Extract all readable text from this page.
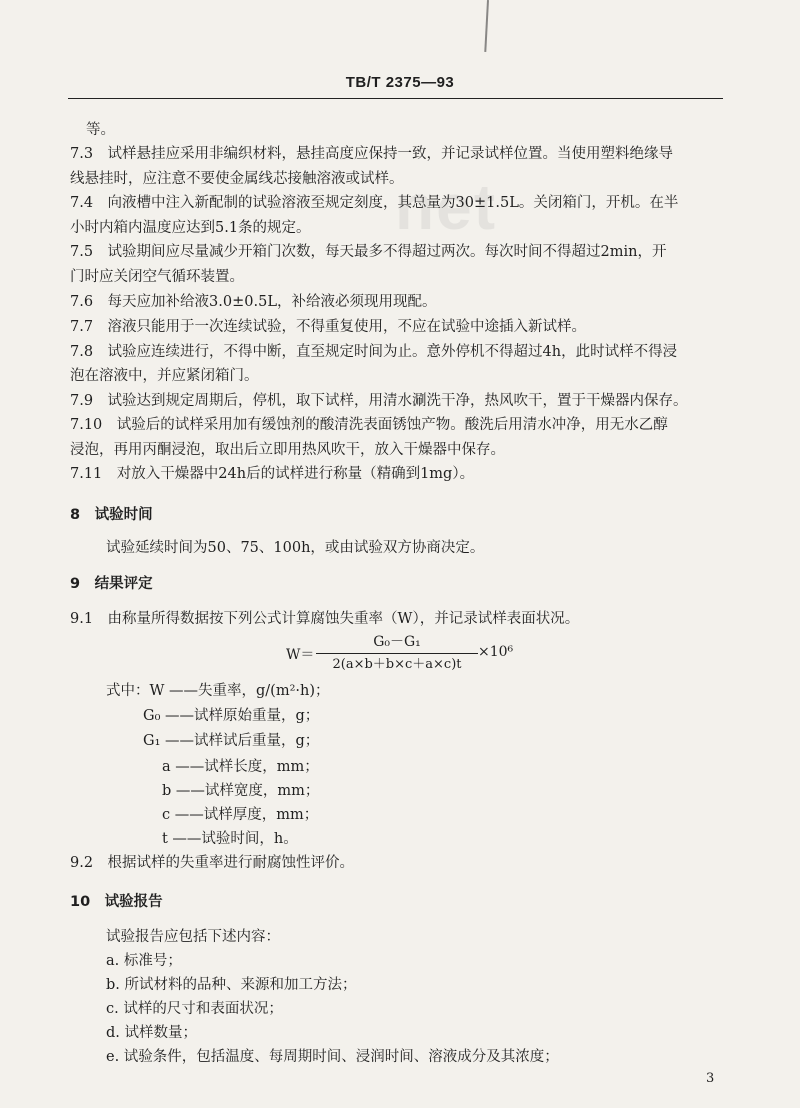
TB/T 2375—93
net
等。
7.3　试样悬挂应采用非编织材料，悬挂高度应保持一致，并记录试样位置。当使用塑料绝缘导
线悬挂时，应注意不要使金属线芯接触溶液或试样。
7.4　向液槽中注入新配制的试验溶液至规定刻度，其总量为30±1.5L。关闭箱门，开机。在半
小时内箱内温度应达到5.1条的规定。
7.5　试验期间应尽量减少开箱门次数，每天最多不得超过两次。每次时间不得超过2min，开
门时应关闭空气循环装置。
7.6　每天应加补给液3.0±0.5L，补给液必须现用现配。
7.7　溶液只能用于一次连续试验，不得重复使用，不应在试验中途插入新试样。
7.8　试验应连续进行，不得中断，直至规定时间为止。意外停机不得超过4h，此时试样不得浸
泡在溶液中，并应紧闭箱门。
7.9　试验达到规定周期后，停机，取下试样，用清水涮洗干净，热风吹干，置于干燥器内保存。
7.10　试验后的试样采用加有缓蚀剂的酸清洗表面锈蚀产物。酸洗后用清水冲净，用无水乙醇
浸泡，再用丙酮浸泡，取出后立即用热风吹干，放入干燥器中保存。
7.11　对放入干燥器中24h后的试样进行称量（精确到1mg）。
8　试验时间
试验延续时间为50、75、100h，或由试验双方协商决定。
9　结果评定
9.1　由称量所得数据按下列公式计算腐蚀失重率（W），并记录试样表面状况。
W＝
G₀－G₁
2(a×b＋b×c＋a×c)t
×10⁶
式中：W ——失重率，g/(m²·h)；
G₀ ——试样原始重量，g；
G₁ ——试样试后重量，g；
a ——试样长度，mm；
b ——试样宽度，mm；
c ——试样厚度，mm；
t ——试验时间，h。
9.2　根据试样的失重率进行耐腐蚀性评价。
10　试验报告
试验报告应包括下述内容：
a. 标准号；
b. 所试材料的品种、来源和加工方法；
c. 试样的尺寸和表面状况；
d. 试样数量；
e. 试验条件，包括温度、每周期时间、浸润时间、溶液成分及其浓度；
3
